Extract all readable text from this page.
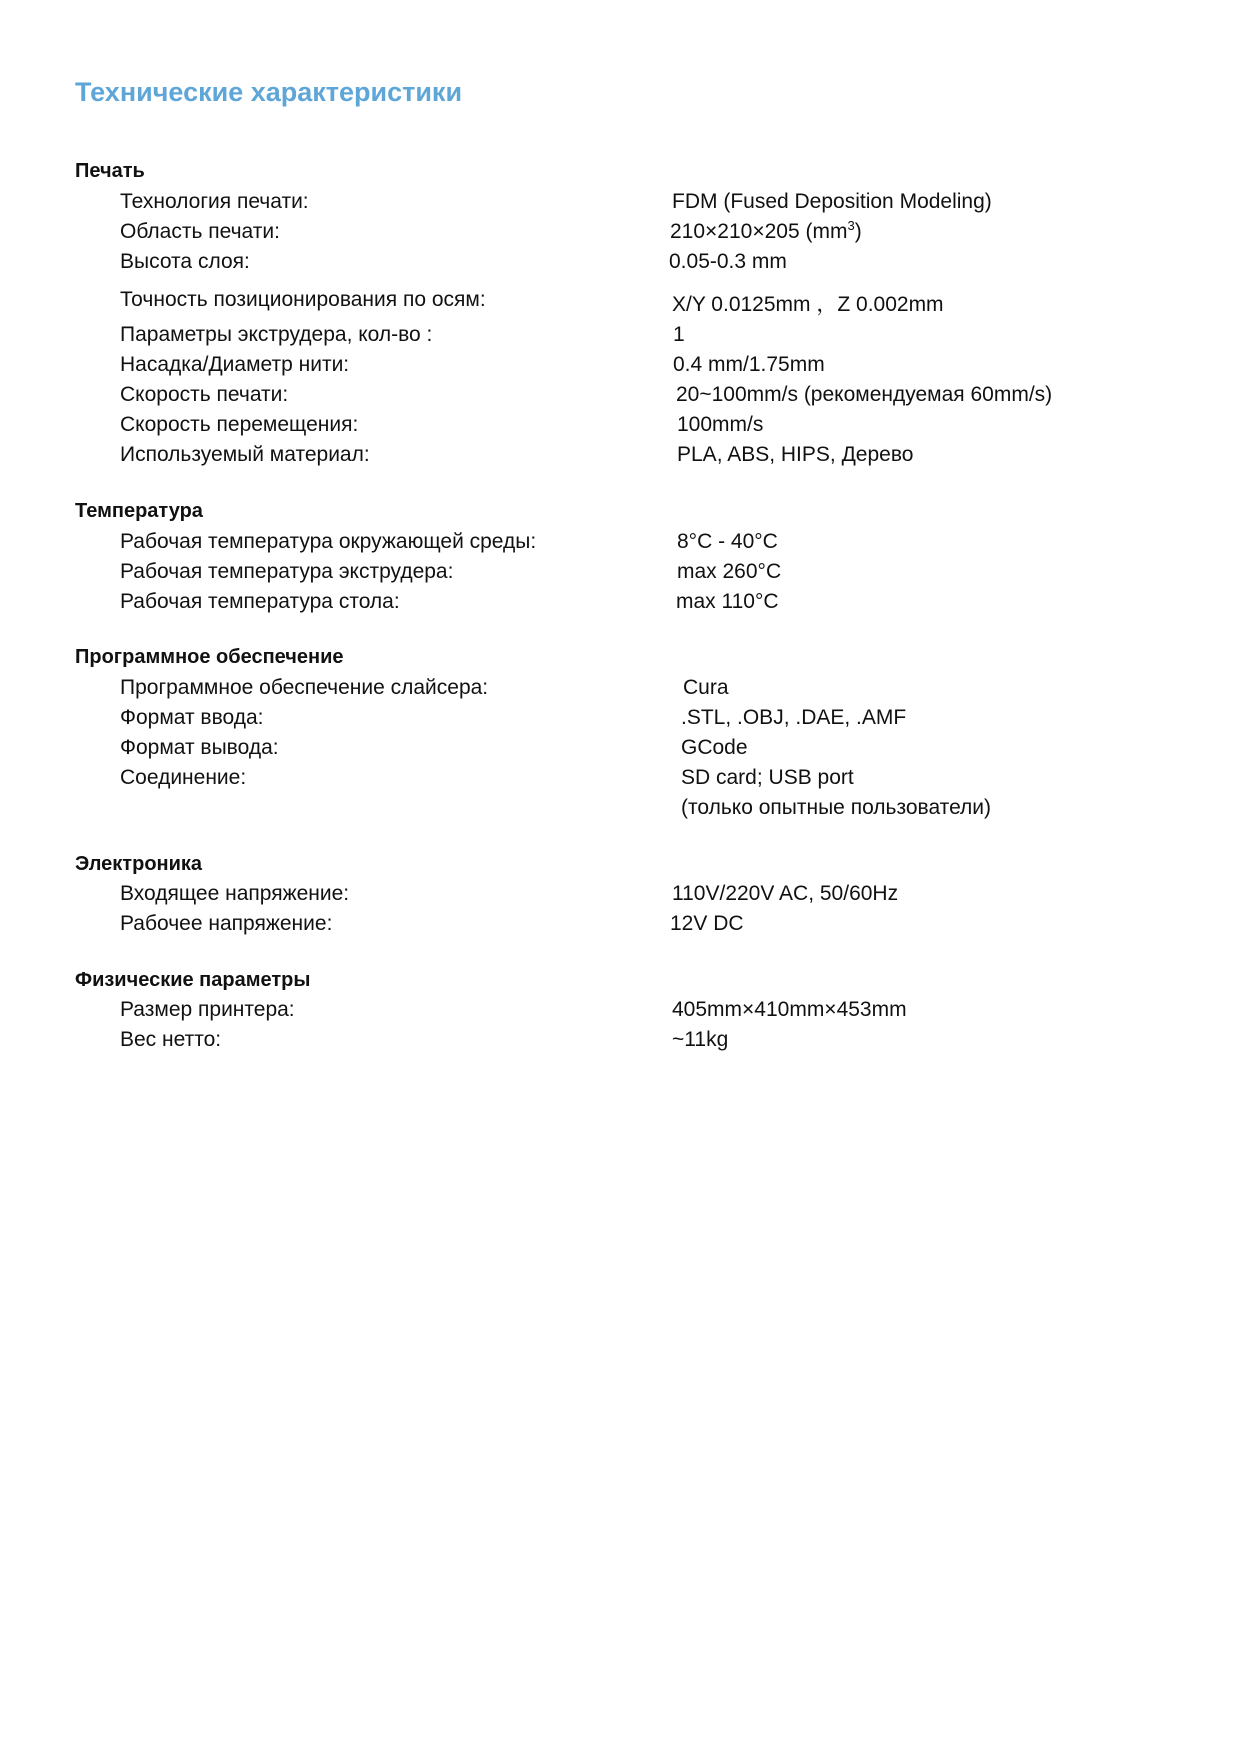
Технические характеристики
Печать
Технология печати:	FDM (Fused Deposition Modeling)
Область печати:	210×210×205 $(mm^3)$
Высота слоя:	0.05-0.3 mm
Точность позиционирования по осям:	X/Y 0.0125mm ，Z 0.002mm
Параметры экструдера, кол-во :	1
Насадка/Диаметр нити:	0.4 mm/1.75mm
Скорость печати:	20~100mm/s (рекомендуемая 60mm/s)
Скорость перемещения:	100mm/s
Используемый материал:	PLA, ABS, HIPS, Дерево
Температура
Рабочая температура окружающей среды:	8°C - 40°C
Рабочая температура экструдера:	max 260°C
Рабочая температура стола:	max 110°C
Программное обеспечение
Программное обеспечение слайсера:	Cura
Формат ввода:	.STL, .OBJ, .DAE, .AMF
Формат вывода:	GCode
Соединение:	SD card; USB port
(только опытные пользователи)
Электроника
Входящее напряжение:	110V/220V AC, 50/60Hz
Рабочее напряжение:	12V DC
Физические параметры
Размер принтера:	405mm×410mm×453mm
Вес нетто:	~11kg
